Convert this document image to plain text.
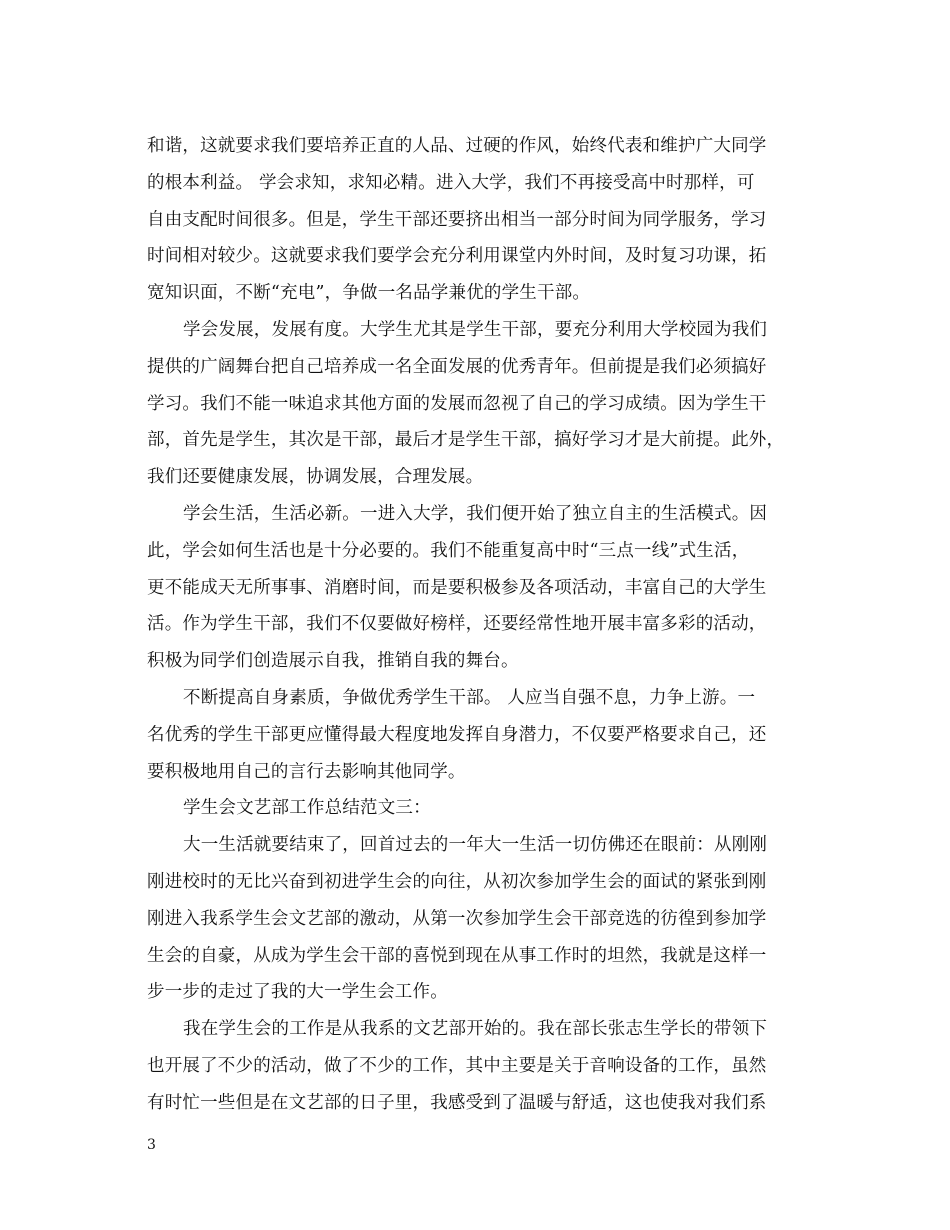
和谐，这就要求我们要培养正直的人品、过硬的作风，始终代表和维护广大同学
的根本利益。 学会求知，求知必精。进入大学，我们不再接受高中时那样，可
自由支配时间很多。但是，学生干部还要挤出相当一部分时间为同学服务，学习
时间相对较少。这就要求我们要学会充分利用课堂内外时间，及时复习功课，拓
宽知识面，不断“充电”，争做一名品学兼优的学生干部。
学会发展，发展有度。大学生尤其是学生干部，要充分利用大学校园为我们
提供的广阔舞台把自己培养成一名全面发展的优秀青年。但前提是我们必须搞好
学习。我们不能一味追求其他方面的发展而忽视了自己的学习成绩。因为学生干
部，首先是学生，其次是干部，最后才是学生干部，搞好学习才是大前提。此外，
我们还要健康发展，协调发展，合理发展。
学会生活，生活必新。一进入大学，我们便开始了独立自主的生活模式。因
此，学会如何生活也是十分必要的。我们不能重复高中时“三点一线”式生活，
更不能成天无所事事、消磨时间，而是要积极参及各项活动，丰富自己的大学生
活。作为学生干部，我们不仅要做好榜样，还要经常性地开展丰富多彩的活动，
积极为同学们创造展示自我，推销自我的舞台。
不断提高自身素质，争做优秀学生干部。 人应当自强不息，力争上游。一
名优秀的学生干部更应懂得最大程度地发挥自身潜力，不仅要严格要求自己，还
要积极地用自己的言行去影响其他同学。
学生会文艺部工作总结范文三：
大一生活就要结束了，回首过去的一年大一生活一切仿佛还在眼前：从刚刚
刚进校时的无比兴奋到初进学生会的向往，从初次参加学生会的面试的紧张到刚
刚进入我系学生会文艺部的激动，从第一次参加学生会干部竞选的彷徨到参加学
生会的自豪，从成为学生会干部的喜悦到现在从事工作时的坦然，我就是这样一
步一步的走过了我的大一学生会工作。
我在学生会的工作是从我系的文艺部开始的。我在部长张志生学长的带领下
也开展了不少的活动，做了不少的工作，其中主要是关于音响设备的工作，虽然
有时忙一些但是在文艺部的日子里，我感受到了温暖与舒适，这也使我对我们系
3
